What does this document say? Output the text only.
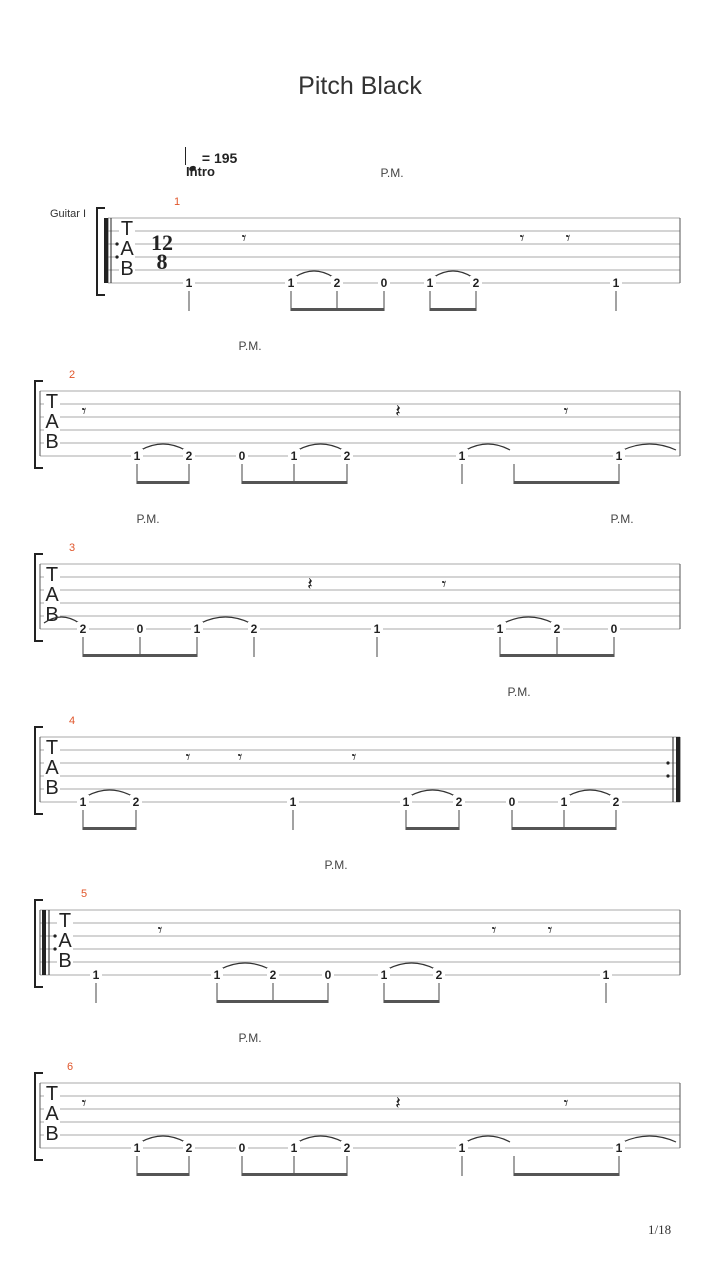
Pitch Black
= 195
Intro
Guitar I
T
A
B
12
8
1
P.M.
𝄾	𝄾 𝄾
1	1	2	0	1	2	1
T
A
B
2
P.M.
𝄾	𝄽	𝄾
1	2	0	1	2	1	1
T
A
B
3
P.M.	P.M.
𝄽	𝄾
2	0	1	2	1	1	2	0
T
A
B
4
P.M.
𝄾	𝄾	𝄾
1	2	1	1	2	0	1	2
T
A
B
5
P.M.
𝄾	𝄾	𝄾
1	1	2	0	1	2	1
T
A
B
6
P.M.
𝄾	𝄽	𝄾
1	2	0	1	2	1	1
1/18
